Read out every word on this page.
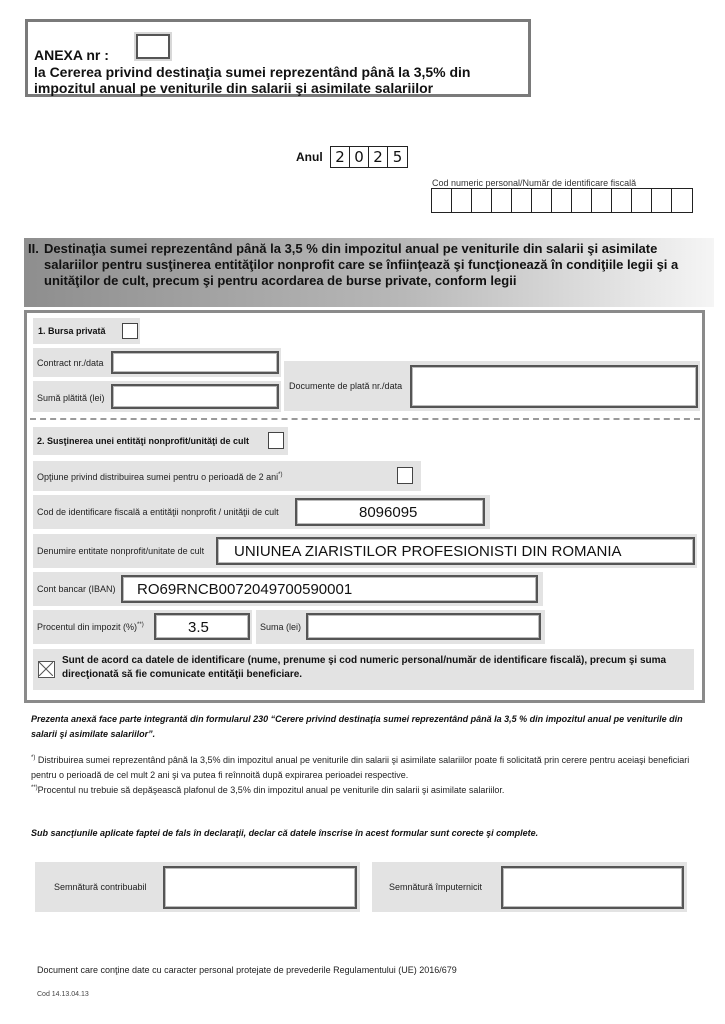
ANEXA nr :
la Cererea privind destinaţia sumei reprezentând până la 3,5% din impozitul anual pe veniturile din salarii şi asimilate salariilor
Anul 2 0 2 5
Cod numeric personal/Număr de identificare fiscală
II. Destinaţia sumei reprezentând până la 3,5 % din impozitul anual pe veniturile din salarii şi asimilate salariilor pentru susţinerea entităţilor nonprofit care se înfiinţează şi funcţionează în condiţiile legii şi a unităţilor de cult, precum şi pentru acordarea de burse private, conform legii
1. Bursa privată
Contract nr./data
Sumă plătită (lei)
Documente de plată nr./data
2. Susţinerea unei entităţi nonprofit/unităţi de cult
Opţiune privind distribuirea sumei pentru o perioadă de 2 ani*)
Cod de identificare fiscală a entităţii nonprofit / unităţii de cult	8096095
Denumire entitate nonprofit/unitate de cult	UNIUNEA ZIARISTILOR PROFESIONISTI DIN ROMANIA
Cont bancar (IBAN)	RO69RNCB0072049700590001
Procentul din impozit (%)**)	3.5	Suma (lei)
Sunt de acord ca datele de identificare (nume, prenume şi cod numeric personal/număr de identificare fiscală), precum şi suma direcţionată să fie comunicate entităţii beneficiare.
Prezenta anexă face parte integrantă din formularul 230 “Cerere privind destinaţia sumei reprezentând până la 3,5 % din impozitul anual pe veniturile din salarii şi asimilate salariilor”.
*) Distribuirea sumei reprezentând până la 3,5% din impozitul anual pe veniturile din salarii şi asimilate salariilor poate fi solicitată prin cerere pentru aceiaşi beneficiari pentru o perioadă de cel mult 2 ani şi va putea fi reînnoită după expirarea perioadei respective.
**)Procentul nu trebuie să depăşească plafonul de 3,5% din impozitul anual pe veniturile din salarii şi asimilate salariilor.
Sub sancţiunile aplicate faptei de fals în declaraţii, declar că datele înscrise în acest formular sunt corecte şi complete.
Semnătură contribuabil	Semnătură împuternicit
Document care conţine date cu caracter personal protejate de prevederile Regulamentului (UE) 2016/679
Cod 14.13.04.13
